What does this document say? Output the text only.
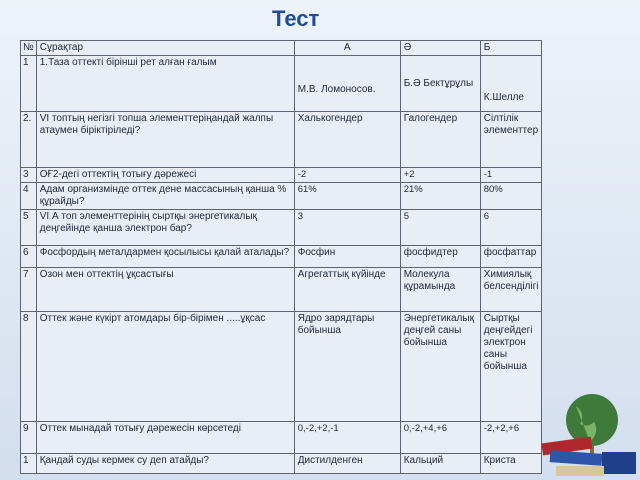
Тест
№	Сұрақтар	А	Ә	Б
1	1.Таза оттекті бірінші рет алған ғалым	М.В. Ломоносов.	Б.Ә Бектұрұлы	К.Шелле
2.	VI топтың негізгі топша элементтеріңандай жалпы атаумен біріктіріледі?	Халькогендер	Галогендер	Сілтілік элементтер
3	ОҒ2-дегі оттектің тотығу дәрежесі	-2	+2	-1
4	Адам организмінде оттек дене массасының қанша % құрайды?	61%	21%	80%
5	VI А топ элементтерінің сыртқы энергетикалық деңгейінде қанша электрон бар?	3	5	6
6	Фосфордың металдармен қосылысы қалай аталады?	Фосфин	фосфидтер	фосфаттар
7	Озон мен оттектің ұқсастығы	Агрегаттық күйінде	Молекула құрамында	Химиялық белсенділігі
8	Оттек және күкірт атомдары бір-бірімен .....ұқсас	Ядро зарядтары бойынша	Энергетикалық деңгей саны бойынша	Сыртқы деңгейдегі электрон саны бойынша
9	Оттек мынадай тотығу дәрежесін көрсетеді	0,-2,+2,-1	0,-2,+4,+6	-2,+2,+6
1	Қандай суды кермек су деп атайды?	Дистилденген	Кальций	Криста
